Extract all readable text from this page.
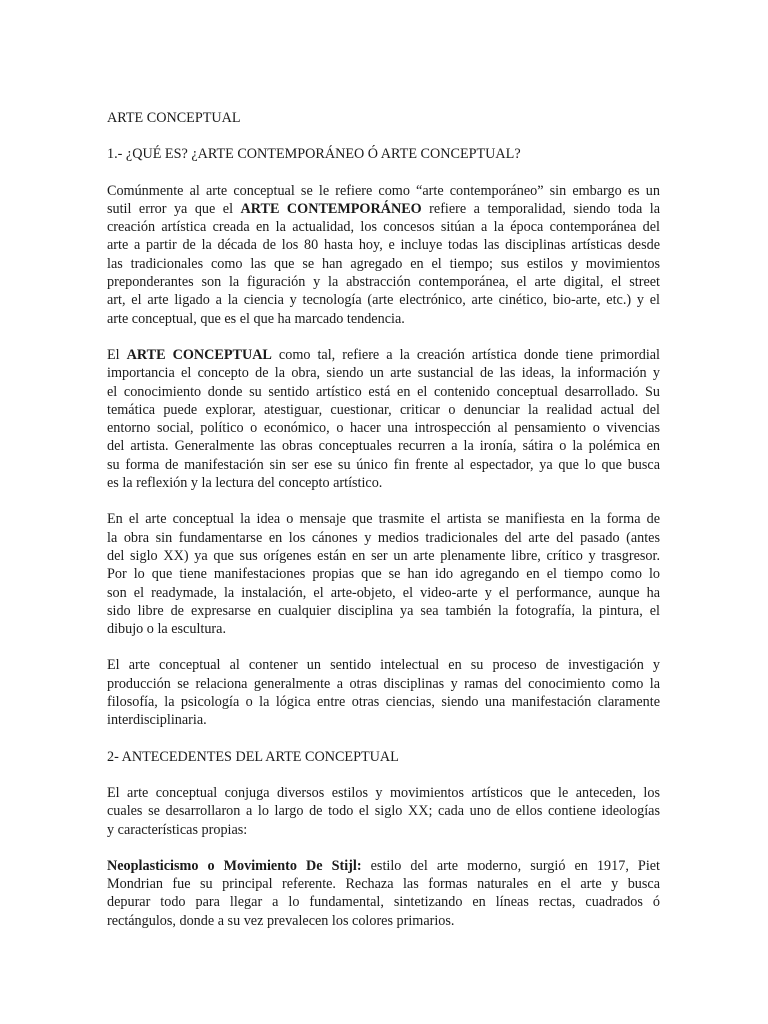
ARTE CONCEPTUAL
1.- ¿QUÉ ES? ¿ARTE CONTEMPORÁNEO Ó ARTE CONCEPTUAL?
Comúnmente al arte conceptual se le refiere como “arte contemporáneo” sin embargo es un
sutil error ya que el ARTE CONTEMPORÁNEO refiere a temporalidad, siendo toda la
creación artística creada en la actualidad, los concesos sitúan a la época contemporánea del
arte a partir de la década de los 80 hasta hoy, e incluye todas las disciplinas artísticas desde
las tradicionales como las que se han agregado en el tiempo; sus estilos y movimientos
preponderantes son la figuración y la abstracción contemporánea, el arte digital, el street
art, el arte ligado a la ciencia y tecnología (arte electrónico, arte cinético, bio-arte, etc.) y el
arte conceptual, que es el que ha marcado tendencia.
El ARTE CONCEPTUAL como tal, refiere a la creación artística donde tiene primordial
importancia el concepto de la obra, siendo un arte sustancial de las ideas, la información y
el conocimiento donde su sentido artístico está en el contenido conceptual desarrollado. Su
temática puede explorar, atestiguar, cuestionar, criticar o denunciar la realidad actual del
entorno social, político o económico, o hacer una introspección al pensamiento o vivencias
del artista. Generalmente las obras conceptuales recurren a la ironía, sátira o la polémica en
su forma de manifestación sin ser ese su único fin frente al espectador, ya que lo que busca
es la reflexión y la lectura del concepto artístico.
En el arte conceptual la idea o mensaje que trasmite el artista se manifiesta en la forma de
la obra sin fundamentarse en los cánones y medios tradicionales del arte del pasado (antes
del siglo XX) ya que sus orígenes están en ser un arte plenamente libre, crítico y trasgresor.
Por lo que tiene manifestaciones propias que se han ido agregando en el tiempo como lo
son el readymade, la instalación, el arte-objeto, el video-arte y el performance, aunque ha
sido libre de expresarse en cualquier disciplina ya sea también la fotografía, la pintura, el
dibujo o la escultura.
El arte conceptual al contener un sentido intelectual en su proceso de investigación y
producción se relaciona generalmente a otras disciplinas y ramas del conocimiento como la
filosofía, la psicología o la lógica entre otras ciencias, siendo una manifestación claramente
interdisciplinaria.
2- ANTECEDENTES DEL ARTE CONCEPTUAL
El arte conceptual conjuga diversos estilos y movimientos artísticos que le anteceden, los
cuales se desarrollaron a lo largo de todo el siglo XX; cada uno de ellos contiene ideologías
y características propias:
Neoplasticismo o Movimiento De Stijl: estilo del arte moderno, surgió en 1917, Piet
Mondrian fue su principal referente. Rechaza las formas naturales en el arte y busca
depurar todo para llegar a lo fundamental, sintetizando en líneas rectas, cuadrados ó
rectángulos, donde a su vez prevalecen los colores primarios.
